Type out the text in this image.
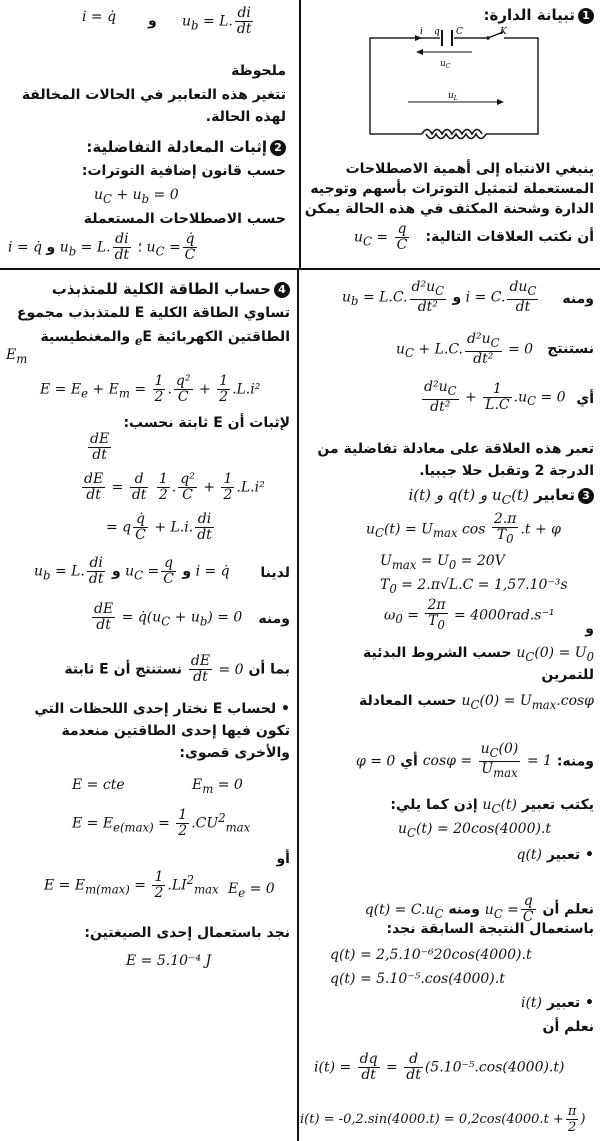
1تبيانة الدارة:
i q C	K
$u_C$
$u_L$
ينبغي الانتباه إلى أهمية الاصطلاحات
المستعملة لتمثيل التوترات بأسهم وتوجيه
الدارة وشحنة المكثف في هذه الحالة يمكن
أن نكتب العلاقات التالية:
$u_C = \frac{q}{C}$
i = q̇ و $u_b = L$. $\frac{di}{dt}$
ملحوظة
تتغير هذه التعابير في الحالات المخالفة
لهذه الحالة.
2إثبات المعادلة التفاضلية:
حسب قانون إضافية التوترات:
$u_C + u_b = 0$
حسب الاصطلاحات المستعملة
i = q̇ و $u_b = L$. $\frac{di}{dt}$ ؛ $u_C = \frac{q̇}{C}$
$u_b = L.C$. $\frac{d^2u_C}{\text{dt²}}$ و i = C. $\frac{du_C}{dt}$ ومنه
$u_C + L.C$. $\frac{d^2u_C}{\text{dt²}} = 0$ نستنتج
$\frac{d^2u_C}{\text{dt²}} + \frac{1}{L.C} .u_C = 0$ أي
تعبر هذه العلاقة على معادلة تفاضلية من
الدرجة 2 وتقبل حلا جيبيا.
3تعابير i(t) و q(t) و $u_C(t)$
$u_C(t) = U_{max}$ $\cos \frac{2.\pi}{T_0} .t + \varphi$
$U_{max} = U_0 = 20V$
$T_0 = 2.\pi√L.C = 1,57.10^{-3}s$
$\omega_0 = \frac{2\pi}{T_0} = 4000rad.s^{-1}$
و
$u_C(0) = U_0$ حسب الشروط البدئية
للتمرين
$u_C(0) = U_{max}.\cos\varphi$ حسب المعادلة
ومنه: $\cos\varphi = \frac{u_C(0)}{U_{max}} = 1$ أي φ = 0
يكتب تعبير $u_C(t)$ إذن كما يلي:
$u_C(t) = 20\cos(4000).t$
• تعبير q(t)
نعلم أن $u_C = \frac{q}{C}$
ومنه $q(t) = C.u_C$
باستعمال النتيجة السابقة نجد:
q(t) = 2,5.10⁻⁶20cos(4000).t
q(t) = 5.10⁻⁵.cos(4000).t
• تعبير i(t)
نعلم أن
$i(t) = \frac{dq}{dt} = \frac{d}{dt} (5.10^{-5}.\cos(4000).t)$
$i(t) = -0,2.\sin(4000.t) = 0,2\cos(4000.t + \frac{\pi}{2}$ )
4حساب الطاقة الكلية للمتذبذب
تساوي الطاقة الكلية E للمتذبذب مجموع
الطاقتين الكهربائية $E_e$ والمغنطيسية
$E_m$
$E = E_e + E_m = \frac{1}{2}$ . $\frac{\text{q²}}{C} + \frac{1}{2} .L.i^2$
لإثبات أن E ثابتة نحسب:
$\frac{dE}{dt}$
$\frac{dE}{dt} = \frac{d}{dt}$
$\frac{1}{2}$ . $\frac{\text{q²}}{C} + \frac{1}{2} .L.i^2$
= q $\frac{q̇}{C} + L.i$. $\frac{di}{dt}$
$u_b = L$. $\frac{di}{dt}$ و $u_C = \frac{q}{C}$ و i = q̇ لدينا
$\frac{dE}{dt}$ = $q̇(u_C + u_b) = 0$ ومنه
بما أن
$\frac{dE}{dt} = 0$ نستنتج أن E ثابتة
• لحساب E نختار إحدى اللحظات التي
تكون فيها إحدى الطاقتين منعدمة
والأخرى قصوى:
E = cte	$E_m = 0$
$E = E_{e(max)} = \frac{1}{2} .CU^2_{max}$
أو
$E = E_{m(max)} = \frac{1}{2} .LI^2_{max}$ $E_e = 0$
نجد باستعمال إحدى الصيغتين:
E = 5.10⁻⁴ J
